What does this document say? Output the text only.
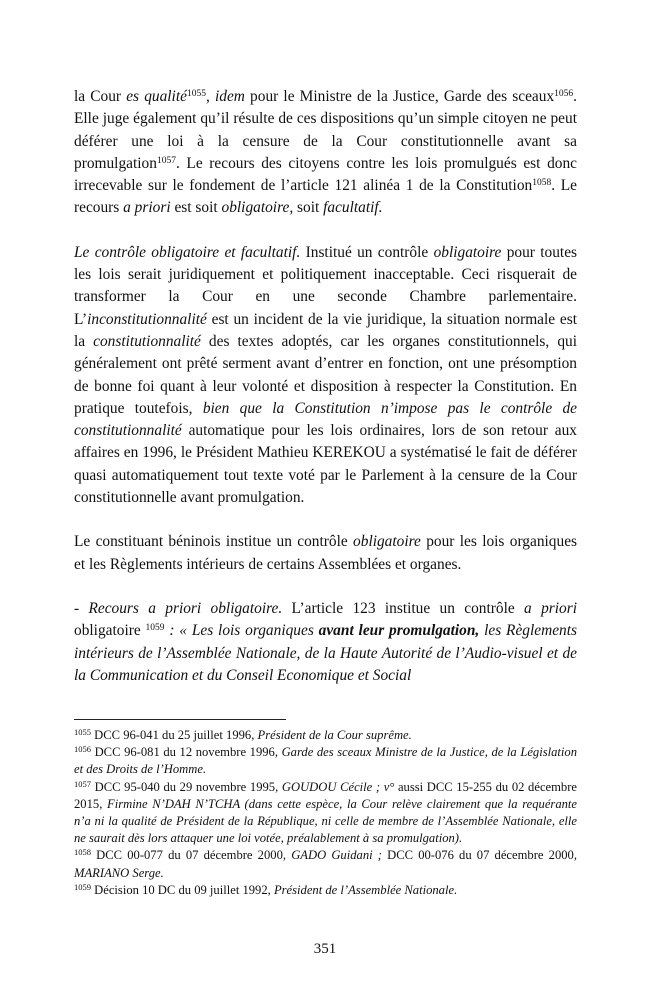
la Cour es qualité$^{1055}$, idem pour le Ministre de la Justice, Garde des sceaux$^{1056}$. Elle juge également qu’il résulte de ces dispositions qu’un simple citoyen ne peut déférer une loi à la censure de la Cour constitutionnelle avant sa promulgation$^{1057}$. Le recours des citoyens contre les lois promulgués est donc irrecevable sur le fondement de l’article 121 alinéa 1 de la Constitution$^{1058}$. Le recours a priori est soit obligatoire, soit facultatif.

Le contrôle obligatoire et facultatif. Institué un contrôle obligatoire pour toutes les lois serait juridiquement et politiquement inacceptable. Ceci risquerait de transformer la Cour en une seconde Chambre parlementaire. L’inconstitutionnalité est un incident de la vie juridique, la situation normale est la constitutionnalité des textes adoptés, car les organes constitutionnels, qui généralement ont prêté serment avant d’entrer en fonction, ont une présomption de bonne foi quant à leur volonté et disposition à respecter la Constitution. En pratique toutefois, bien que la Constitution n’impose pas le contrôle de constitutionnalité automatique pour les lois ordinaires, lors de son retour aux affaires en 1996, le Président Mathieu KEREKOU a systématisé le fait de déférer quasi automatiquement tout texte voté par le Parlement à la censure de la Cour constitutionnelle avant promulgation.

Le constituant béninois institue un contrôle obligatoire pour les lois organiques et les Règlements intérieurs de certains Assemblées et organes.

- Recours a priori obligatoire. L’article 123 institue un contrôle a priori obligatoire $^{1059}$ : « Les lois organiques avant leur promulgation, les Règlements intérieurs de l’Assemblée Nationale, de la Haute Autorité de l’Audio-visuel et de la Communication et du Conseil Economique et Social

$^{1055}$ DCC 96-041 du 25 juillet 1996, Président de la Cour suprême.

$^{1056}$ DCC 96-081 du 12 novembre 1996, Garde des sceaux Ministre de la Justice, de la Législation et des Droits de l’Homme.

$^{1057}$ DCC 95-040 du 29 novembre 1995, GOUDOU Cécile ; v° aussi DCC 15-255 du 02 décembre 2015, Firmine N’DAH N’TCHA (dans cette espèce, la Cour relève clairement que la requérante n’a ni la qualité de Président de la République, ni celle de membre de l’Assemblée Nationale, elle ne saurait dès lors attaquer une loi votée, préalablement à sa promulgation).

$^{1058}$ DCC 00-077 du 07 décembre 2000, GADO Guidani ; DCC 00-076 du 07 décembre 2000, MARIANO Serge.

$^{1059}$ Décision 10 DC du 09 juillet 1992, Président de l’Assemblée Nationale.

351
